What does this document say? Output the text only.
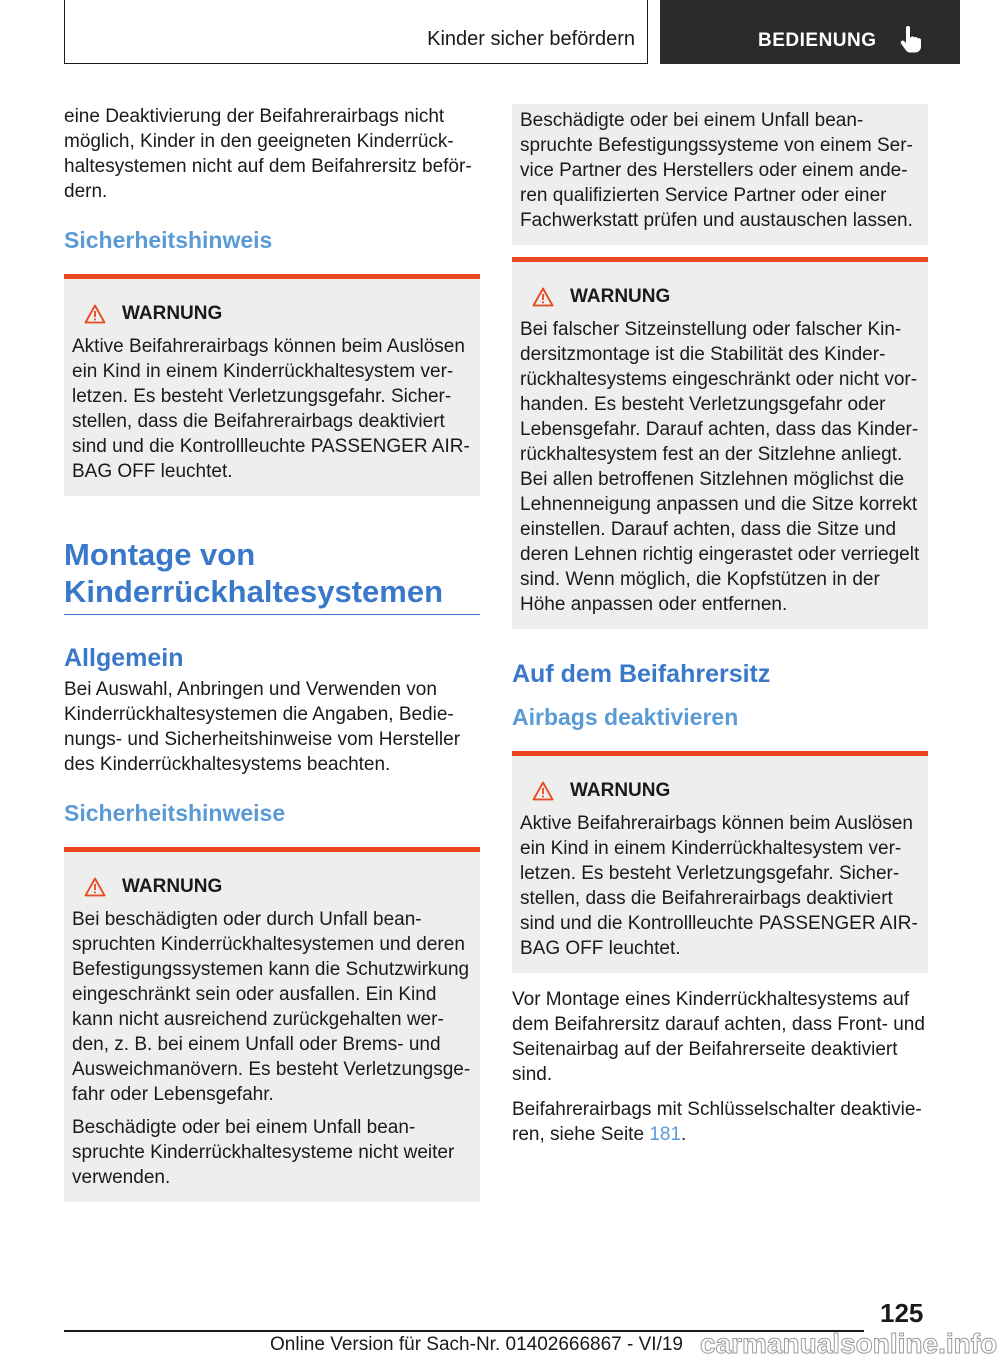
Kinder sicher befördern	BEDIENUNG

eine Deaktivierung der Beifahrerairbags nicht möglich, Kinder in den geeigneten Kinderrückhaltesystemen nicht auf dem Beifahrersitz befördern.

Sicherheitshinweis
WARNUNG

Aktive Beifahrerairbags können beim Auslösen ein Kind in einem Kinderrückhaltesystem verletzen. Es besteht Verletzungsgefahr. Sicherstellen, dass die Beifahrerairbags deaktiviert sind und die Kontrollleuchte PASSENGER AIRBAG OFF leuchtet.

Montage von Kinderrückhaltesystemen
Allgemein

Bei Auswahl, Anbringen und Verwenden von Kinderrückhaltesystemen die Angaben, Bedienungs- und Sicherheitshinweise vom Hersteller des Kinderrückhaltesystems beachten.

Sicherheitshinweise
WARNUNG

Bei beschädigten oder durch Unfall beanspruchten Kinderrückhaltesystemen und deren Befestigungssystemen kann die Schutzwirkung eingeschränkt sein oder ausfallen. Ein Kind kann nicht ausreichend zurückgehalten werden, z. B. bei einem Unfall oder Brems- und Ausweichmanövern. Es besteht Verletzungsgefahr oder Lebensgefahr.

Beschädigte oder bei einem Unfall beanspruchte Kinderrückhaltesysteme nicht weiter verwenden.

Beschädigte oder bei einem Unfall beanspruchte Befestigungssysteme von einem Service Partner des Herstellers oder einem anderen qualifizierten Service Partner oder einer Fachwerkstatt prüfen und austauschen lassen.

WARNUNG

Bei falscher Sitzeinstellung oder falscher Kindersitzmontage ist die Stabilität des Kinderrückhaltesystems eingeschränkt oder nicht vorhanden. Es besteht Verletzungsgefahr oder Lebensgefahr. Darauf achten, dass das Kinderrückhaltesystem fest an der Sitzlehne anliegt. Bei allen betroffenen Sitzlehnen möglichst die Lehnenneigung anpassen und die Sitze korrekt einstellen. Darauf achten, dass die Sitze und deren Lehnen richtig eingerastet oder verriegelt sind. Wenn möglich, die Kopfstützen in der Höhe anpassen oder entfernen.

Auf dem Beifahrersitz
Airbags deaktivieren
WARNUNG

Aktive Beifahrerairbags können beim Auslösen ein Kind in einem Kinderrückhaltesystem verletzen. Es besteht Verletzungsgefahr. Sicherstellen, dass die Beifahrerairbags deaktiviert sind und die Kontrollleuchte PASSENGER AIRBAG OFF leuchtet.

Vor Montage eines Kinderrückhaltesystems auf dem Beifahrersitz darauf achten, dass Front- und Seitenairbag auf der Beifahrerseite deaktiviert sind.

Beifahrerairbags mit Schlüsselschalter deaktivieren, siehe Seite 181.

125
Online Version für Sach-Nr. 01402666867 - VI/19 carmanualsonline.info
